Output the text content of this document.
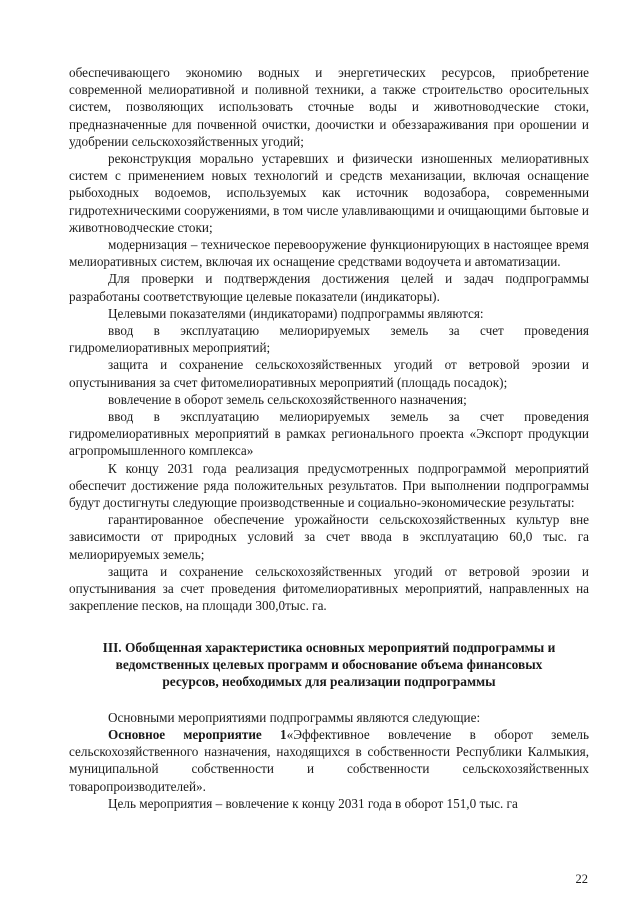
обеспечивающего экономию водных и энергетических ресурсов, приобретение современной мелиоративной и поливной техники, а также строительство оросительных систем, позволяющих использовать сточные воды и животноводческие стоки, предназначенные для почвенной очистки, доочистки и обеззараживания при орошении и удобрении сельскохозяйственных угодий;

реконструкция морально устаревших и физически изношенных мелиоративных систем с применением новых технологий и средств механизации, включая оснащение рыбоходных водоемов, используемых как источник водозабора, современными гидротехническими сооружениями, в том числе улавливающими и очищающими бытовые и животноводческие стоки;

модернизация – техническое перевооружение функционирующих в настоящее время мелиоративных систем, включая их оснащение средствами водоучета и автоматизации.

Для проверки и подтверждения достижения целей и задач подпрограммы разработаны соответствующие целевые показатели (индикаторы).

Целевыми показателями (индикаторами) подпрограммы являются:

ввод в эксплуатацию мелиорируемых земель за счет проведения гидромелиоративных мероприятий;

защита и сохранение сельскохозяйственных угодий от ветровой эрозии и опустынивания за счет фитомелиоративных мероприятий (площадь посадок);

вовлечение в оборот земель сельскохозяйственного назначения;

ввод в эксплуатацию мелиорируемых земель за счет проведения гидромелиоративных мероприятий в рамках регионального проекта «Экспорт продукции агропромышленного комплекса»

К концу 2031 года реализация предусмотренных подпрограммой мероприятий обеспечит достижение ряда положительных результатов. При выполнении подпрограммы будут достигнуты следующие производственные и социально-экономические результаты:

гарантированное обеспечение урожайности сельскохозяйственных культур вне зависимости от природных условий за счет ввода в эксплуатацию 60,0 тыс. га мелиорируемых земель;

защита и сохранение сельскохозяйственных угодий от ветровой эрозии и опустынивания за счет проведения фитомелиоративных мероприятий, направленных на закрепление песков, на площади 300,0тыс. га.

III. Обобщенная характеристика основных мероприятий подпрограммы и ведомственных целевых программ и обоснование объема финансовых ресурсов, необходимых для реализации подпрограммы

Основными мероприятиями подпрограммы являются следующие:

Основное мероприятие 1«Эффективное вовлечение в оборот земель сельскохозяйственного назначения, находящихся в собственности Республики Калмыкия, муниципальной собственности и собственности сельскохозяйственных товаропроизводителей».

Цель мероприятия – вовлечение к концу 2031 года в оборот 151,0 тыс. га

22
